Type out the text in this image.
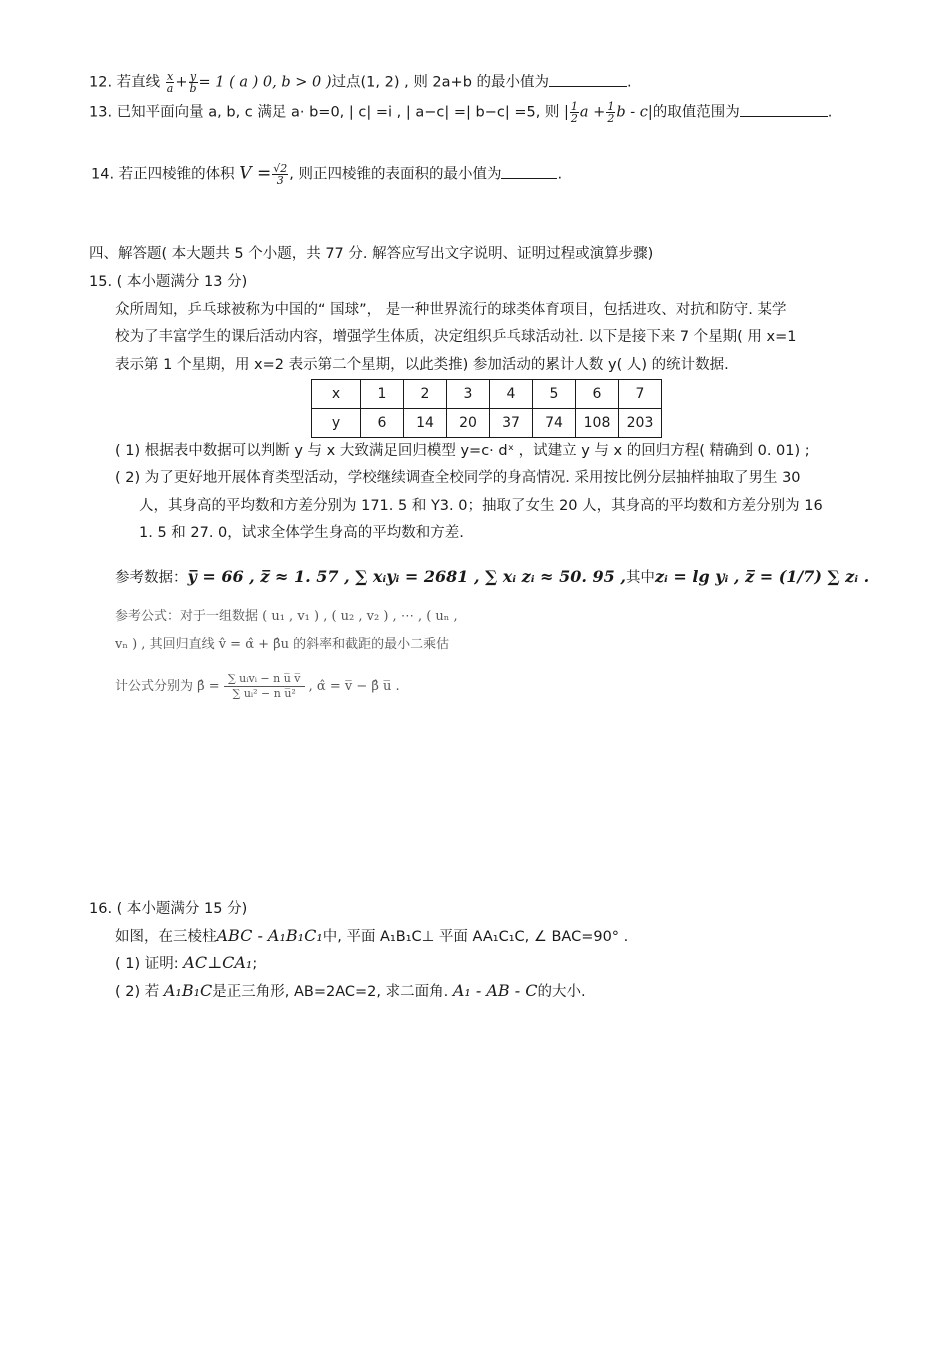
12. 若直线 $\frac{x}{a} + \frac{y}{b} = 1$ ( a ) 0, b > 0 )过点(1, 2) , 则 2a+b 的最小值为	.
13. 已知平面向量 a, b, c 满足 a· b=0, | c| =i , | a−c| =| b−c| =5, 则 | $\frac{1}{2}$ $a + \frac{1}{2}$ b - c|的取值范围为	.
14. 若正四棱锥的体积 $V = \frac{√2}{3}$ , 则正四棱锥的表面积的最小值为	.
四、解答题( 本大题共 5 个小题，共 77 分. 解答应写出文字说明、证明过程或演算步骤)
15. ( 本小题满分 13 分)
众所周知，乒乓球被称为中国的“ 国球”， 是一种世界流行的球类体育项目，包括进攻、对抗和防守. 某学
校为了丰富学生的课后活动内容，增强学生体质，决定组织乒乓球活动社. 以下是接下来 7 个星期( 用 x=1
表示第 1 个星期，用 x=2 表示第二个星期，以此类推) 参加活动的累计人数 y( 人) 的统计数据.
x	1	2	3	4	5	6	7
y	6	14	20	37	74	108	203
( 1) 根据表中数据可以判断 y 与 x 大致满足回归模型 y=c· dˣ ，试建立 y 与 x 的回归方程( 精确到 0. 01) ;
( 2) 为了更好地开展体育类型活动，学校继续调查全校同学的身高情况. 采用按比例分层抽样抽取了男生 30
人，其身高的平均数和方差分别为 171. 5 和 Y3. 0；抽取了女生 20 人，其身高的平均数和方差分别为 16
1. 5 和 27. 0，试求全体学生身高的平均数和方差.
参考数据：y̅ = 66 , z̅ ≈ 1. 57 , ∑ xᵢyᵢ = 2681 , ∑ xᵢ zᵢ ≈ 50. 95 ,其中zᵢ = lg yᵢ , z̅ = (1/7) ∑ zᵢ .
参考公式：对于一组数据 ( u₁ , v₁ ) , ( u₂ , v₂ ) , ⋯ , ( uₙ ,
vₙ ) , 其回归直线 v̂ = α̂ + β̂u 的斜率和截距的最小二乘估
计公式分别为 β̂ =
∑ uᵢvᵢ − n u̅ v̅
∑ uᵢ² − n u̅² , α̂ = v̅ − β̂ u̅ .
16. ( 本小题满分 15 分)
如图，在三棱柱ABC - A₁B₁C₁中, 平面 A₁B₁C⊥ 平面 AA₁C₁C, ∠ BAC=90° .
( 1) 证明: AC⊥CA₁;
( 2) 若 A₁B₁C是正三角形, AB=2AC=2, 求二面角. A₁ - AB - C的大小.
